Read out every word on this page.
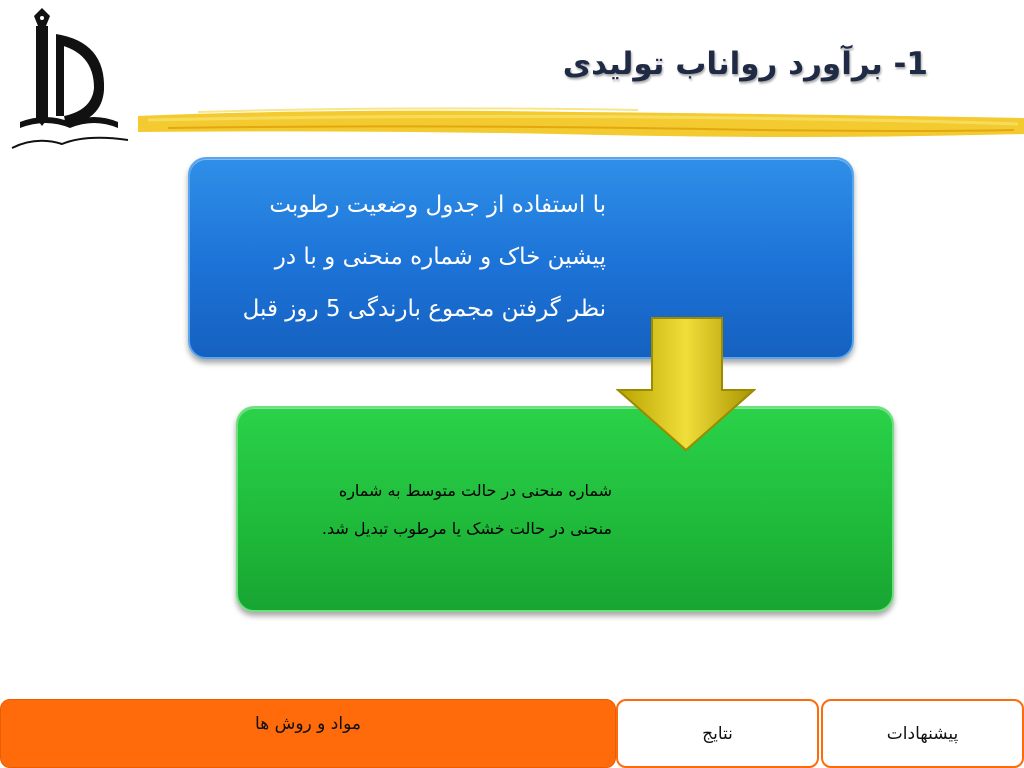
1- برآورد رواناب تولیدی
با استفاده از جدول وضعیت رطوبت
پیشین خاک و شماره منحنی و با در
نظر گرفتن مجموع بارندگی 5 روز قبل
شماره منحنی در حالت متوسط به شماره
منحنی در حالت خشک یا مرطوب تبدیل شد.
مواد و روش ها	نتایج	پیشنهادات
